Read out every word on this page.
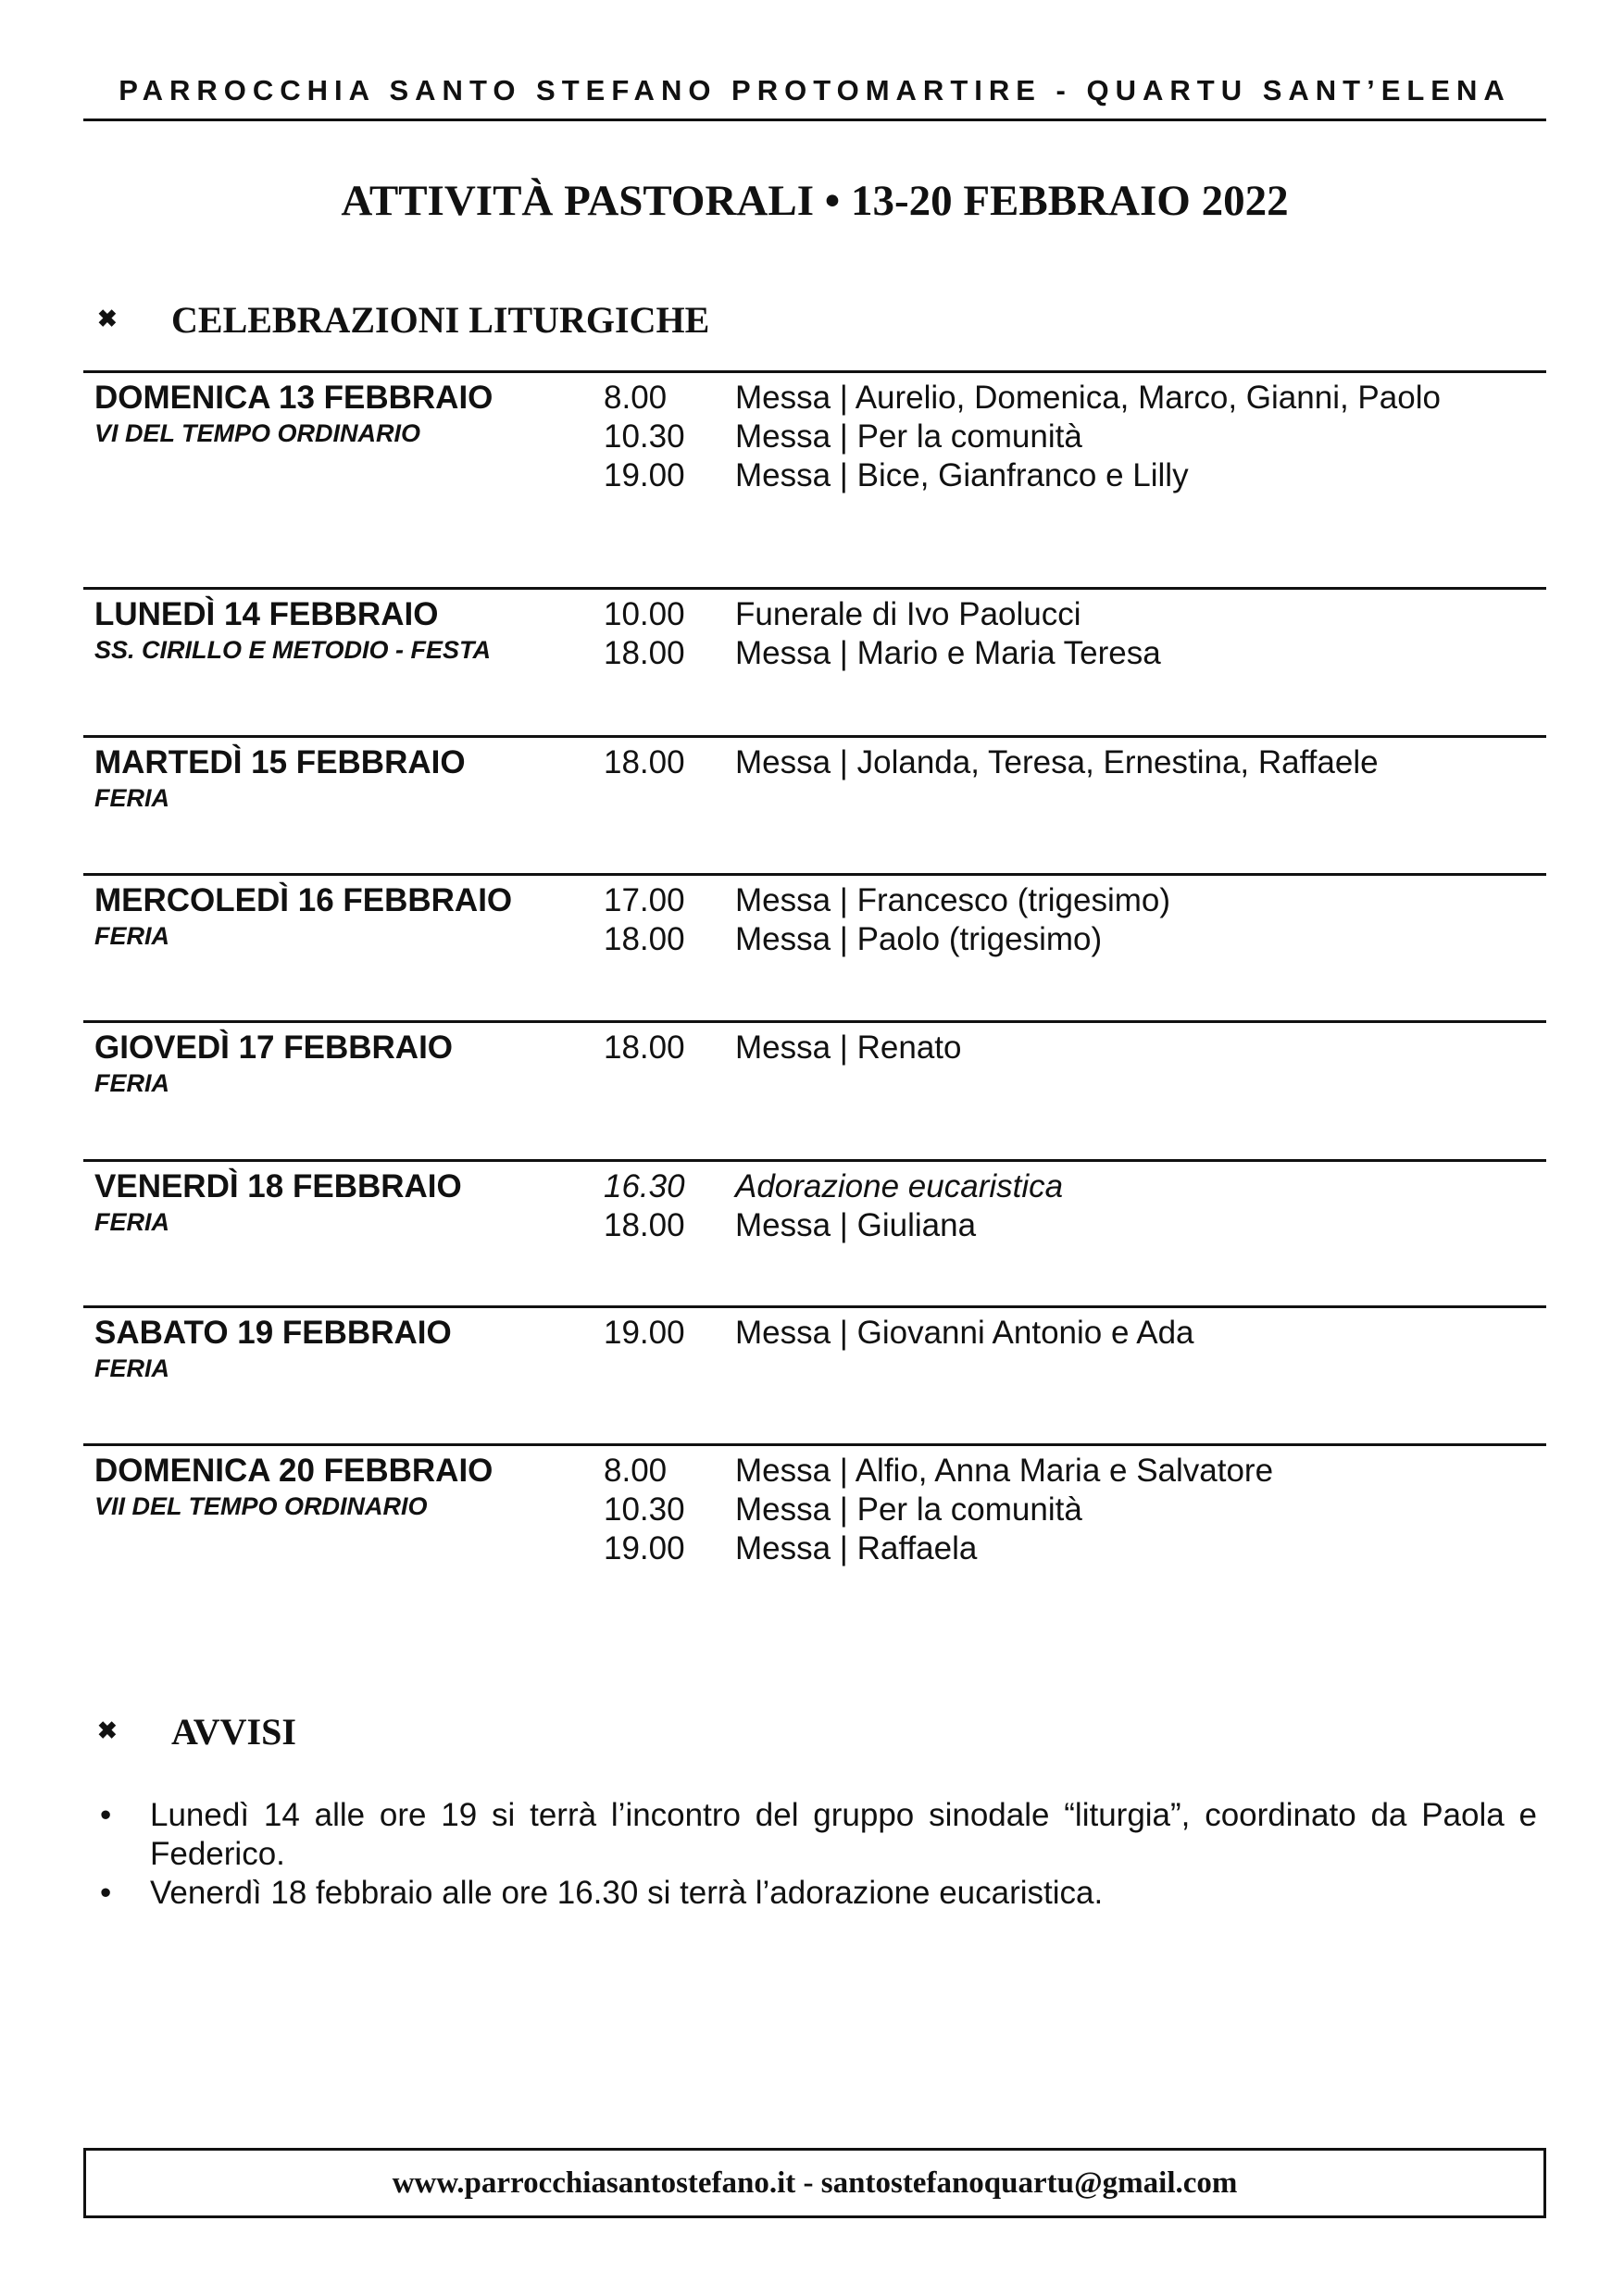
PARROCCHIA SANTO STEFANO PROTOMARTIRE - QUARTU SANT’ELENA
ATTIVITÀ PASTORALI • 13-20 FEBBRAIO 2022
✖	CELEBRAZIONI LITURGICHE
DOMENICA 13 FEBBRAIO
VI DEL TEMPO ORDINARIO
8.00	Messa | Aurelio, Domenica, Marco, Gianni, Paolo
10.30	Messa | Per la comunità
19.00	Messa | Bice, Gianfranco e Lilly
LUNEDÌ 14 FEBBRAIO
SS. CIRILLO E METODIO - FESTA
10.00	Funerale di Ivo Paolucci
18.00	Messa | Mario e Maria Teresa
MARTEDÌ 15 FEBBRAIO
FERIA
18.00	Messa | Jolanda, Teresa, Ernestina, Raffaele
MERCOLEDÌ 16 FEBBRAIO
FERIA
17.00	Messa | Francesco (trigesimo)
18.00	Messa | Paolo (trigesimo)
GIOVEDÌ 17 FEBBRAIO
FERIA
18.00	Messa | Renato
VENERDÌ 18 FEBBRAIO
FERIA
16.30	Adorazione eucaristica
18.00	Messa | Giuliana
SABATO 19 FEBBRAIO
FERIA
19.00	Messa | Giovanni Antonio e Ada
DOMENICA 20 FEBBRAIO
VII DEL TEMPO ORDINARIO
8.00	Messa | Alfio, Anna Maria e Salvatore
10.30	Messa | Per la comunità
19.00	Messa | Raffaela
✖	AVVISI
• Lunedì 14 alle ore 19 si terrà l’incontro del gruppo sinodale “liturgia”, coordinato da Paola e Federico.
• Venerdì 18 febbraio alle ore 16.30 si terrà l’adorazione eucaristica.
www.parrocchiasantostefano.it - santostefanoquartu@gmail.com
